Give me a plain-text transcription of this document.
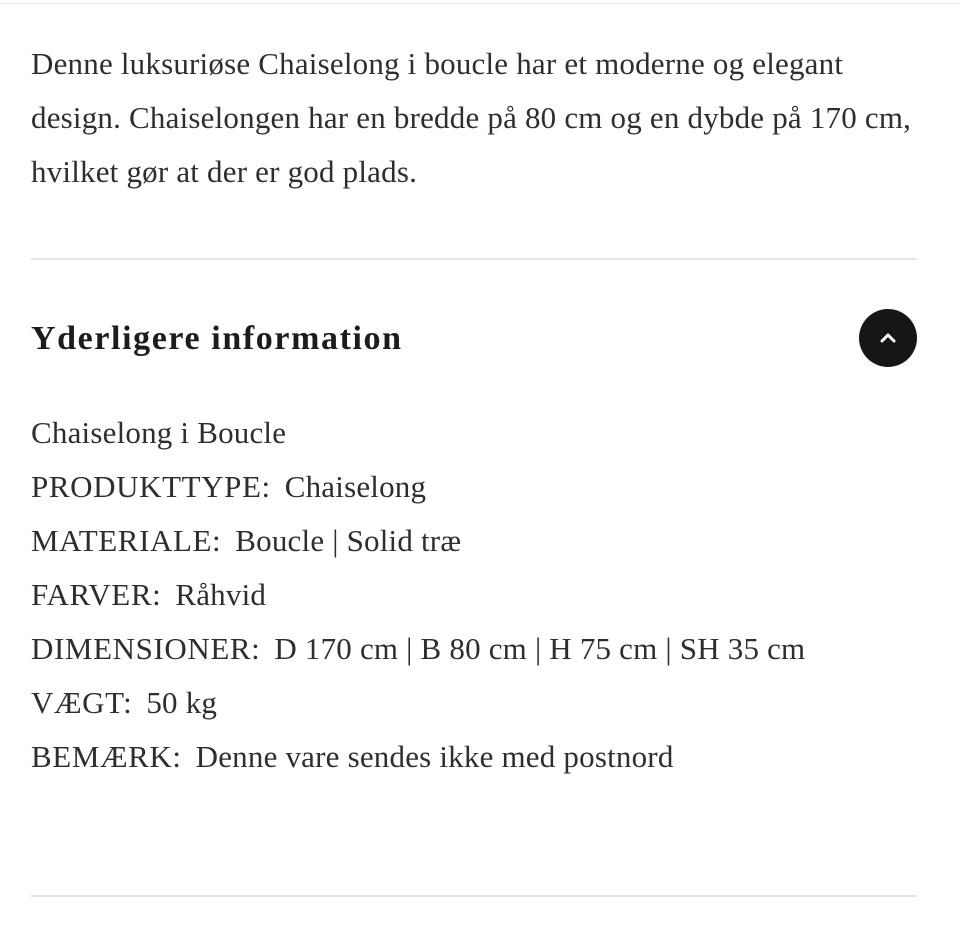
Denne luksuriøse Chaiselong i boucle har et moderne og elegant design. Chaiselongen har en bredde på 80 cm og en dybde på 170 cm, hvilket gør at der er god plads.

Yderligere information
Chaiselong i Boucle
PRODUKTTYPE: Chaiselong
MATERIALE: Boucle | Solid træ
FARVER: Råhvid
DIMENSIONER: D 170 cm | B 80 cm | H 75 cm | SH 35 cm
VÆGT: 50 kg
BEMÆRK: Denne vare sendes ikke med postnord
